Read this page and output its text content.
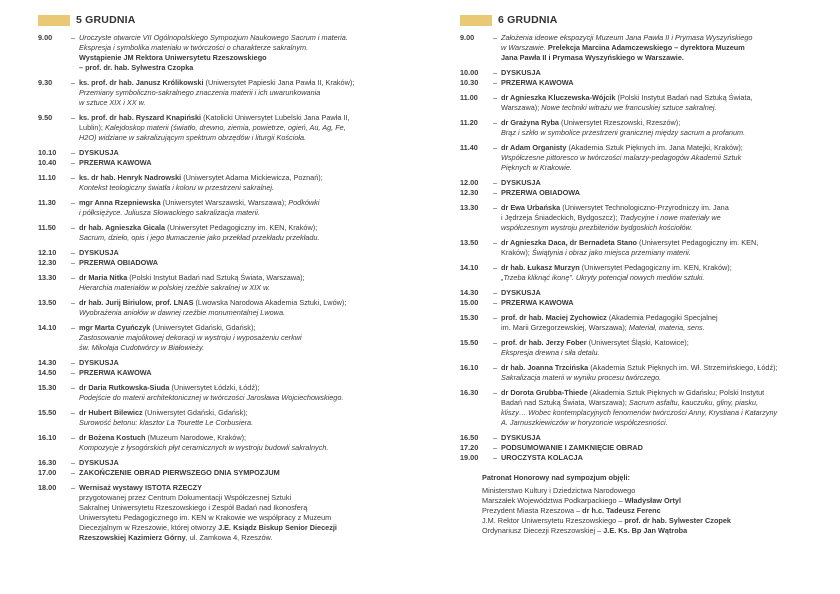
5 GRUDNIA
9.00	– Uroczyste otwarcie VII Ogólnopolskiego Sympozjum Naukowego Sacrum i materia.
Ekspresja i symbolika materiału w twórczości o charakterze sakralnym.
Wystąpienie JM Rektora Uniwersytetu Rzeszowskiego
– prof. dr. hab. Sylwestra Czopka
9.30	– ks. prof. dr hab. Janusz Królikowski (Uniwersytet Papieski Jana Pawła II, Kraków);
Przemiany symboliczno-sakralnego znaczenia materii i ich uwarunkowania
w sztuce XIX i XX w.
9.50	– ks. prof. dr hab. Ryszard Knapiński (Katolicki Uniwersytet Lubelski Jana Pawła II,
Lublin); Kalejdoskop materii (światło, drewno, ziemia, powietrze, ogień, Au, Ag, Fe,
H2O) widziane w sakralizującym spektrum obrzędów i liturgii Kościoła.
10.10	– DYSKUSJA
10.40	– PRZERWA KAWOWA
11.10	– ks. dr hab. Henryk Nadrowski (Uniwersytet Adama Mickiewicza, Poznań);
Kontekst teologiczny światła i koloru w przestrzeni sakralnej.
11.30	– mgr Anna Rzepniewska (Uniwersytet Warszawski, Warszawa); Podkówki
i półksiężyce. Juliusza Słowackiego sakralizacja materii.
11.50	– dr hab. Agnieszka Gicala (Uniwersytet Pedagogiczny im. KEN, Kraków);
Sacrum, dzieło, opis i jego tłumaczenie jako przekład przekładu przekładu.
12.10	– DYSKUSJA
12.30	– PRZERWA OBIADOWA
13.30	– dr Maria Nitka (Polski Instytut Badań nad Sztuką Świata, Warszawa);
Hierarchia materiałów w polskiej rzeźbie sakralnej w XIX w.
13.50	– dr hab. Jurij Biriulow, prof. LNAS (Lwowska Narodowa Akademia Sztuki, Lwów);
Wyobrażenia aniołów w dawnej rzeźbie monumentalnej Lwowa.
14.10	– mgr Marta Cyuńczyk (Uniwersytet Gdański, Gdańsk);
Zastosowanie majolikowej dekoracji w wystroju i wyposażeniu cerkwi
św. Mikołaja Cudotwórcy w Białowieży.
14.30	– DYSKUSJA
14.50	– PRZERWA KAWOWA
15.30	– dr Daria Rutkowska-Siuda (Uniwersytet Łódzki, Łódź);
Podejście do materii architektonicznej w twórczości Jarosława Wojciechowskiego.
15.50	– dr Hubert Bilewicz (Uniwersytet Gdański, Gdańsk);
Surowość betonu: klasztor La Tourette Le Corbusiera.
16.10	– dr Bożena Kostuch (Muzeum Narodowe, Kraków);
Kompozycje z łysogórskich płyt ceramicznych w wystroju budowli sakralnych.
16.30	– DYSKUSJA
17.00	– ZAKOŃCZENIE OBRAD PIERWSZEGO DNIA SYMPOZJUM
18.00	– Wernisaż wystawy ISTOTA RZECZY
przygotowanej przez Centrum Dokumentacji Współczesnej Sztuki
Sakralnej Uniwersytetu Rzeszowskiego i Zespół Badań nad Ikonosferą
Uniwersytetu Pedagogicznego im. KEN w Krakowie we współpracy z Muzeum
Diecezjalnym w Rzeszowie, której otworzy J.E. Ksiądz Biskup Senior Diecezji
Rzeszowskiej Kazimierz Górny, ul. Zamkowa 4, Rzeszów.
6 GRUDNIA
9.00	– Założenia ideowe ekspozycji Muzeum Jana Pawła II i Prymasa Wyszyńskiego
w Warszawie. Prelekcja Marcina Adamczewskiego – dyrektora Muzeum
Jana Pawła II i Prymasa Wyszyńskiego w Warszawie.
10.00	– DYSKUSJA
10.30	– PRZERWA KAWOWA
11.00	– dr Agnieszka Kluczewska-Wójcik (Polski Instytut Badań nad Sztuką Świata,
Warszawa); Nowe techniki witrażu we francuskiej sztuce sakralnej.
11.20	– dr Grażyna Ryba (Uniwersytet Rzeszowski, Rzeszów);
Brąz i szkło w symbolice przestrzeni granicznej między sacrum a profanum.
11.40	– dr Adam Organisty (Akademia Sztuk Pięknych im. Jana Matejki, Kraków);
Współczesne pittoresco w twórczości malarzy-pedagogów Akademii Sztuk
Pięknych w Krakowie.
12.00	– DYSKUSJA
12.30	– PRZERWA OBIADOWA
13.30	– dr Ewa Urbańska (Uniwersytet Technologiczno-Przyrodniczy im. Jana
i Jędrzeja Śniadeckich, Bydgoszcz); Tradycyjne i nowe materiały we
współczesnym wystroju prezbiteriów bydgoskich kościołów.
13.50	– dr Agnieszka Daca, dr Bernadeta Stano (Uniwersytet Pedagogiczny im. KEN,
Kraków); Świątynia i obraz jako miejsca przemiany materii.
14.10	– dr hab. Łukasz Murzyn (Uniwersytet Pedagogiczny im. KEN, Kraków);
„Trzeba kliknąć ikonę”. Ukryty potencjał nowych mediów sztuki.
14.30	– DYSKUSJA
15.00	– PRZERWA KAWOWA
15.30	– prof. dr hab. Maciej Zychowicz (Akademia Pedagogiki Specjalnej
im. Marii Grzegorzewskiej, Warszawa); Materiał, materia, sens.
15.50	– prof. dr hab. Jerzy Fober (Uniwersytet Śląski, Katowice);
Ekspresja drewna i siła detalu.
16.10	– dr hab. Joanna Trzcińska (Akademia Sztuk Pięknych im. Wł. Strzemińskiego, Łódź);
Sakralizacja materii w wyniku procesu twórczego.
16.30	– dr Dorota Grubba-Thiede (Akademia Sztuk Pięknych w Gdańsku; Polski Instytut
Badań nad Sztuką Świata, Warszawa); Sacrum asfaltu, kauczuku, gliny, piasku,
kliszy… Wobec kontemplacyjnych fenomenów twórczości Anny, Krystiana i Katarzyny
A. Jarnuszkiewiczów w horyzoncie współczesności.
16.50	– DYSKUSJA
17.20	– PODSUMOWANIE I ZAMKNIĘCIE OBRAD
19.00	– UROCZYSTA KOLACJA
Patronat Honorowy nad sympozjum objęli:
Ministerstwo Kultury i Dziedzictwa Narodowego
Marszałek Województwa Podkarpackiego – Władysław Ortyl
Prezydent Miasta Rzeszowa – dr h.c. Tadeusz Ferenc
J.M. Rektor Uniwersytetu Rzeszowskiego – prof. dr hab. Sylwester Czopek
Ordynariusz Diecezji Rzeszowskiej – J.E. Ks. Bp Jan Wątroba
